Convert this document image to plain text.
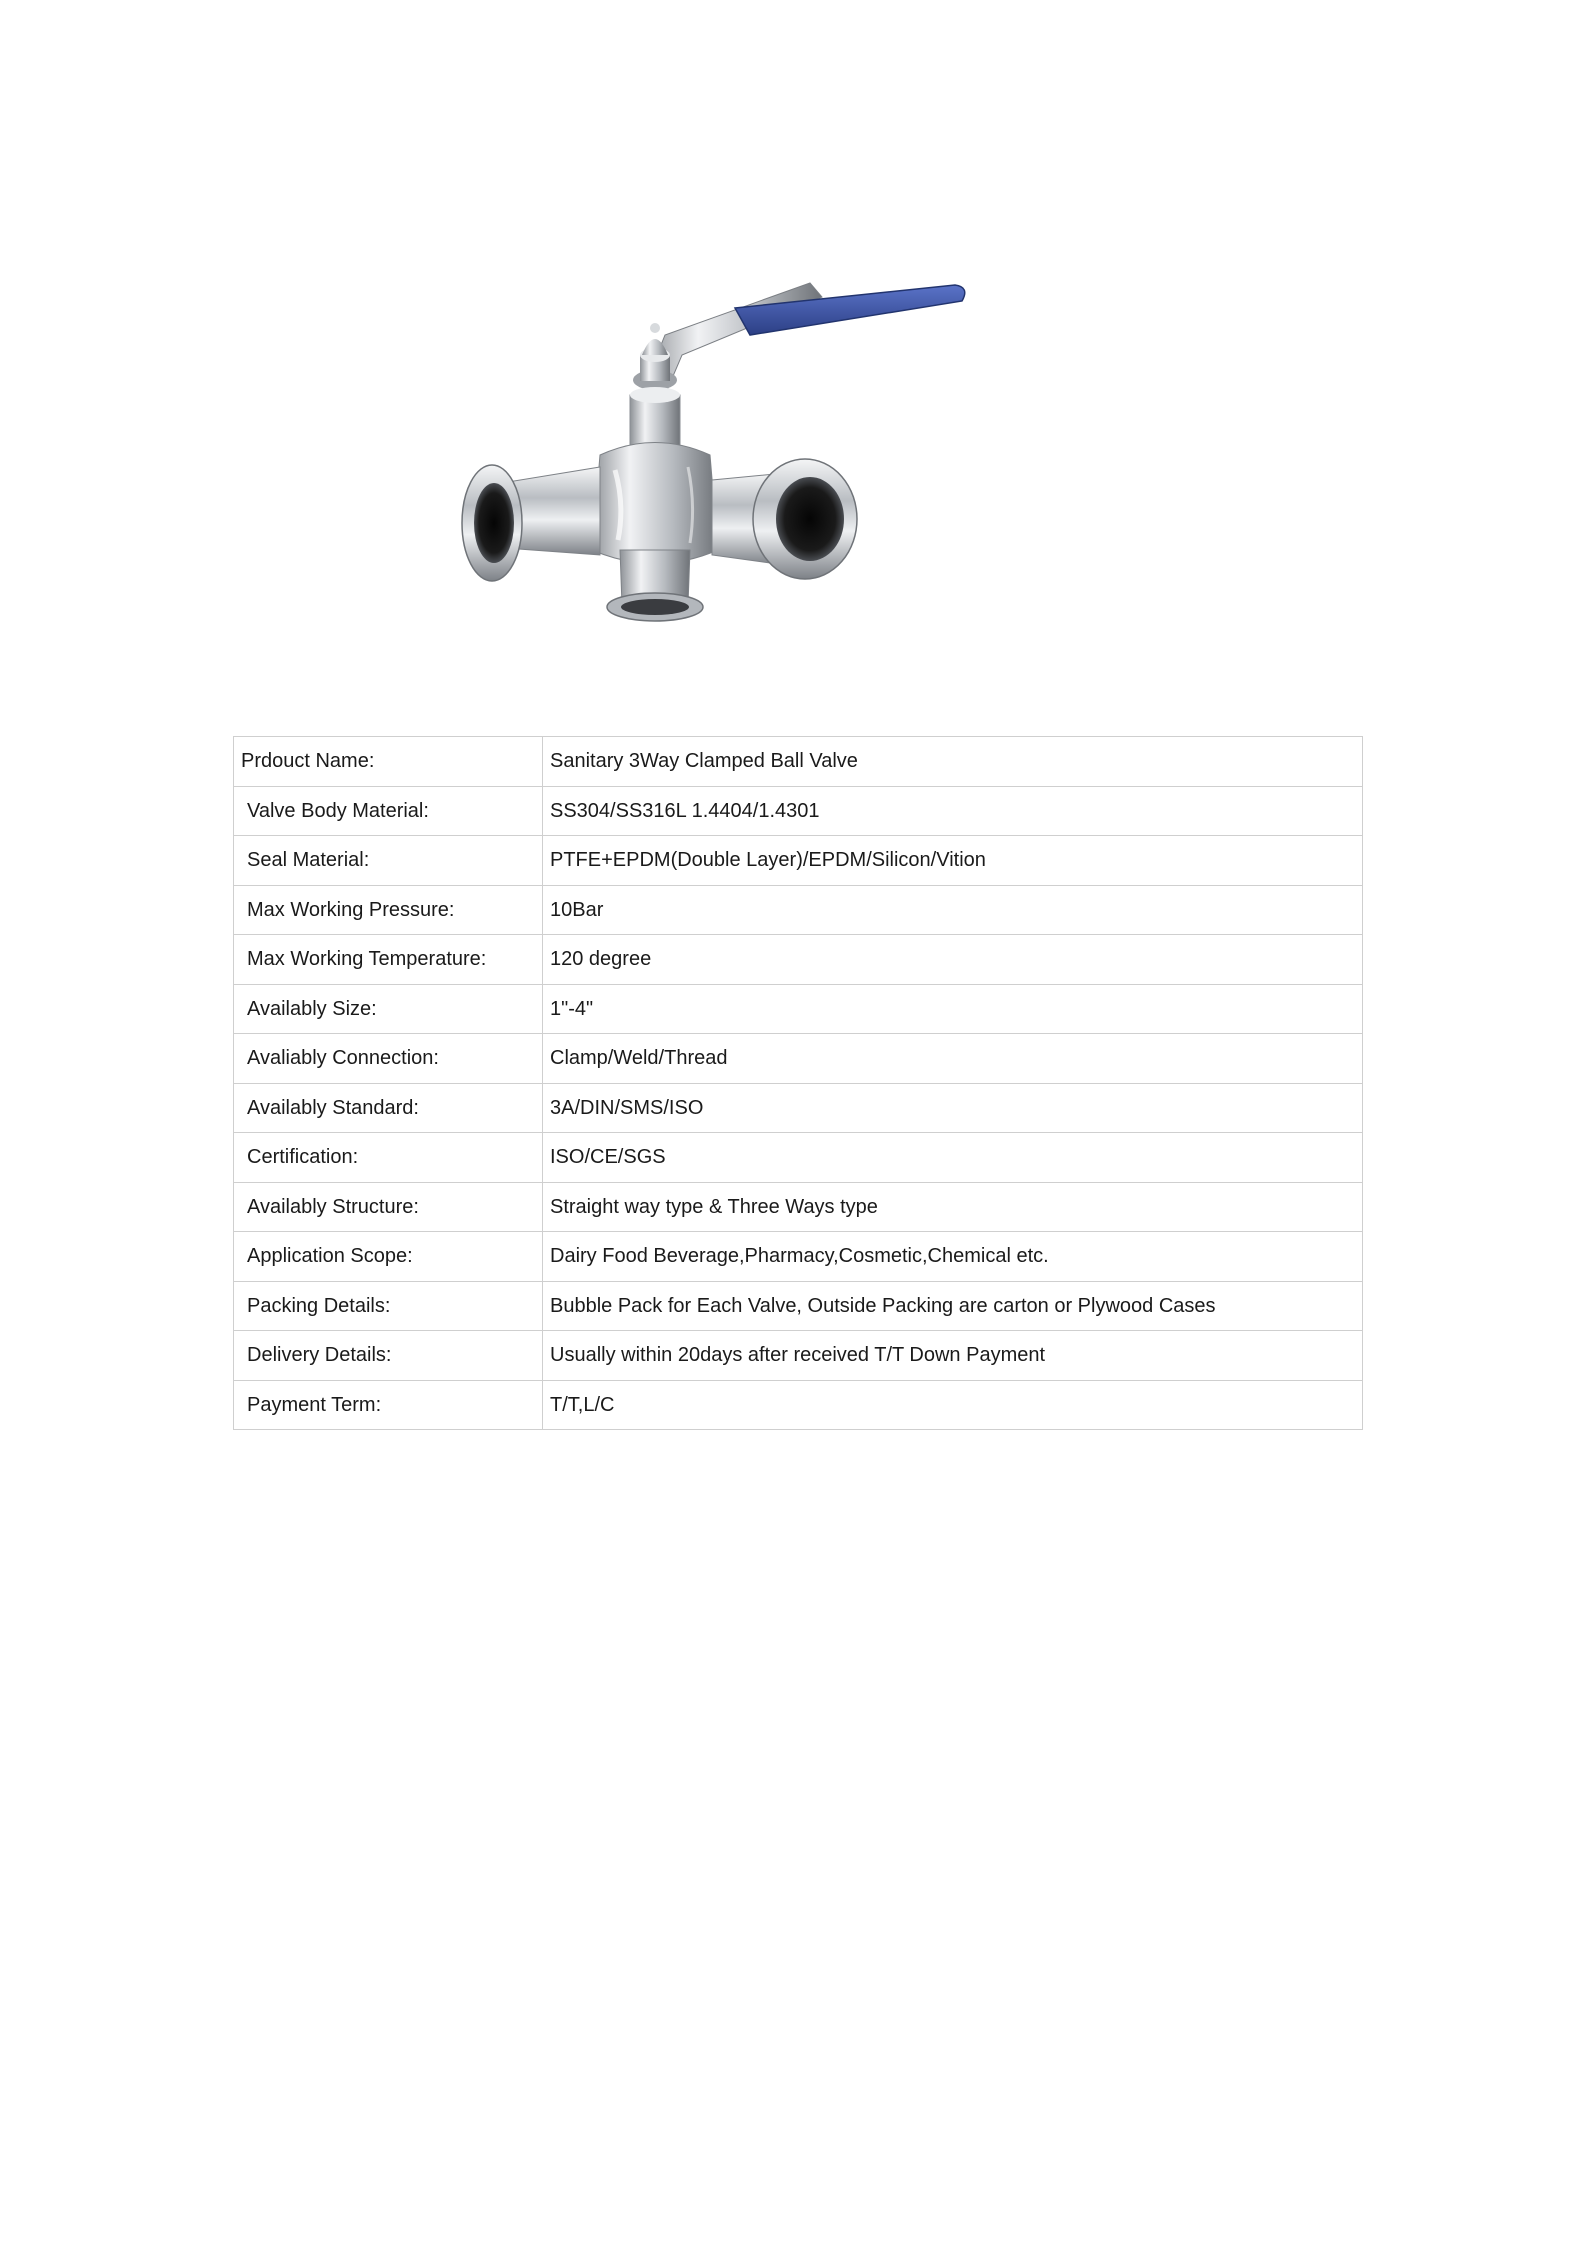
Prdouct Name:	Sanitary 3Way Clamped Ball Valve
Valve Body Material:	SS304/SS316L 1.4404/1.4301
Seal Material:	PTFE+EPDM(Double Layer)/EPDM/Silicon/Vition
Max Working Pressure:	10Bar
Max Working Temperature:	120 degree
Availably Size:	1"-4"
Avaliably Connection:	Clamp/Weld/Thread
Availably Standard:	3A/DIN/SMS/ISO
Certification:	ISO/CE/SGS
Availably Structure:	Straight way type & Three Ways type
Application Scope:	Dairy Food Beverage,Pharmacy,Cosmetic,Chemical etc.
Packing Details:	Bubble Pack for Each Valve, Outside Packing are carton or Plywood Cases
Delivery Details:	Usually within 20days after received T/T Down Payment
Payment Term:	T/T,L/C
